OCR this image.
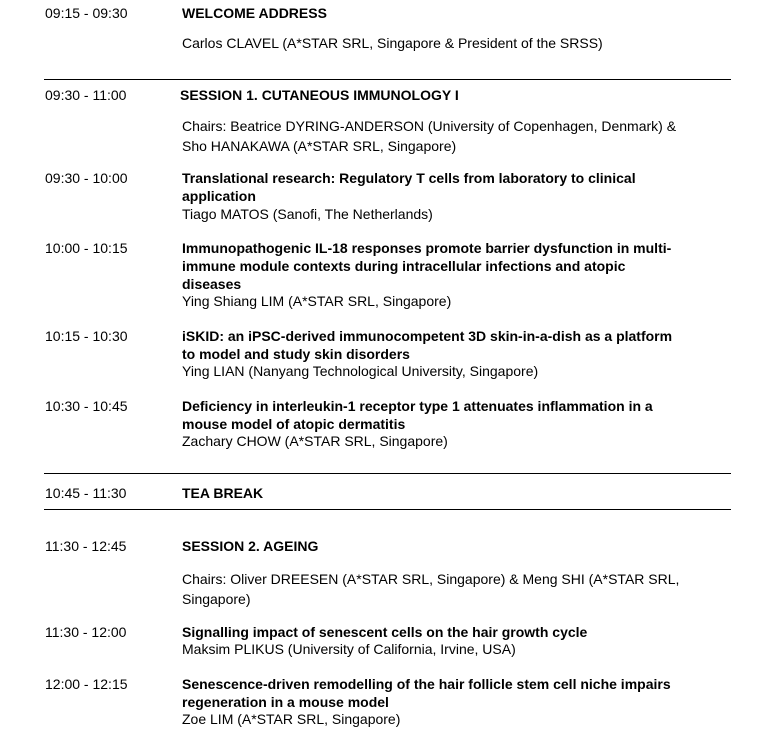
09:15 - 09:30	WELCOME ADDRESS
Carlos CLAVEL (A*STAR SRL, Singapore & President of the SRSS)
09:30 - 11:00	SESSION 1. CUTANEOUS IMMUNOLOGY I
Chairs: Beatrice DYRING-ANDERSON (University of Copenhagen, Denmark) &
Sho HANAKAWA (A*STAR SRL, Singapore)
09:30 - 10:00	Translational research: Regulatory T cells from laboratory to clinical
application
Tiago MATOS (Sanofi, The Netherlands)
10:00 - 10:15	Immunopathogenic IL-18 responses promote barrier dysfunction in multi-
immune module contexts during intracellular infections and atopic
diseases
Ying Shiang LIM (A*STAR SRL, Singapore)
10:15 - 10:30	iSKID: an iPSC-derived immunocompetent 3D skin-in-a-dish as a platform
to model and study skin disorders
Ying LIAN (Nanyang Technological University, Singapore)
10:30 - 10:45	Deficiency in interleukin-1 receptor type 1 attenuates inflammation in a
mouse model of atopic dermatitis
Zachary CHOW (A*STAR SRL, Singapore)
10:45 - 11:30	TEA BREAK
11:30 - 12:45	SESSION 2. AGEING
Chairs: Oliver DREESEN (A*STAR SRL, Singapore) & Meng SHI (A*STAR SRL,
Singapore)
11:30 - 12:00	Signalling impact of senescent cells on the hair growth cycle
Maksim PLIKUS (University of California, Irvine, USA)
12:00 - 12:15	Senescence-driven remodelling of the hair follicle stem cell niche impairs
regeneration in a mouse model
Zoe LIM (A*STAR SRL, Singapore)
